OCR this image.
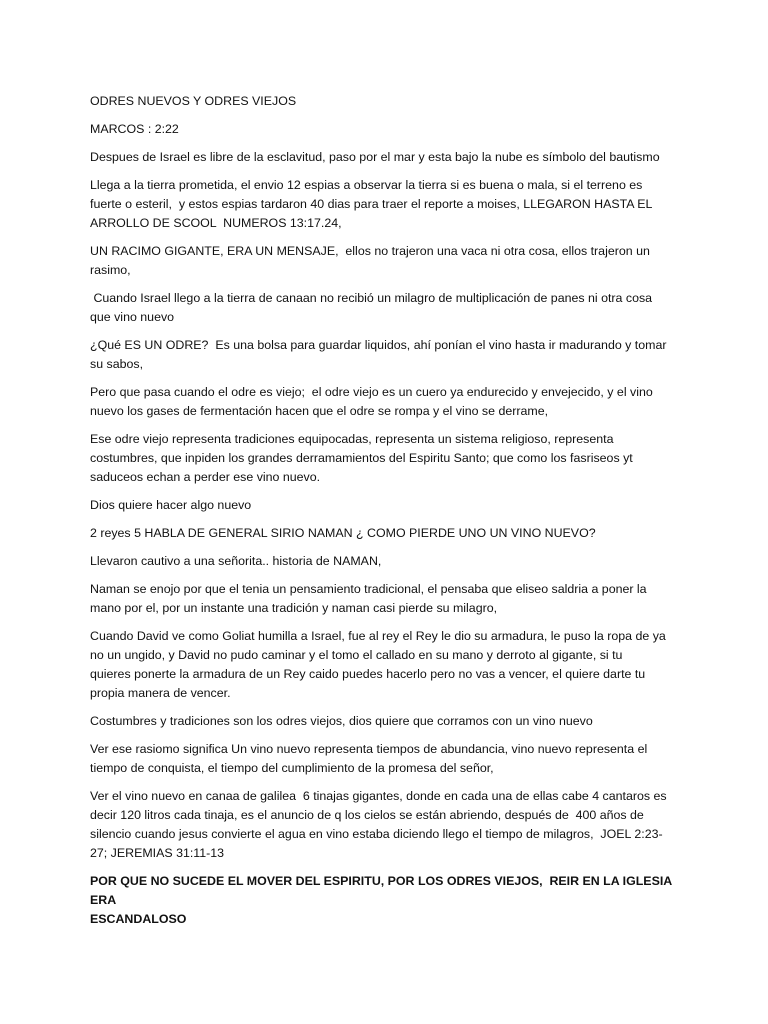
ODRES NUEVOS Y ODRES VIEJOS

MARCOS : 2:22

Despues de Israel es libre de la esclavitud, paso por el mar y esta bajo la nube es símbolo del bautismo

Llega a la tierra prometida, el envio 12 espias a observar la tierra si es buena o mala, si el terreno es
fuerte o esteril,  y estos espias tardaron 40 dias para traer el reporte a moises, LLEGARON HASTA EL
ARROLLO DE SCOOL  NUMEROS 13:17.24,

UN RACIMO GIGANTE, ERA UN MENSAJE,  ellos no trajeron una vaca ni otra cosa, ellos trajeron un
rasimo,

Cuando Israel llego a la tierra de canaan no recibió un milagro de multiplicación de panes ni otra cosa
que vino nuevo

¿Qué ES UN ODRE?  Es una bolsa para guardar liquidos, ahí ponían el vino hasta ir madurando y tomar
su sabos,

Pero que pasa cuando el odre es viejo;  el odre viejo es un cuero ya endurecido y envejecido, y el vino
nuevo los gases de fermentación hacen que el odre se rompa y el vino se derrame,

Ese odre viejo representa tradiciones equipocadas, representa un sistema religioso, representa
costumbres, que inpiden los grandes derramamientos del Espiritu Santo; que como los fasriseos yt
saduceos echan a perder ese vino nuevo.

Dios quiere hacer algo nuevo

2 reyes 5 HABLA DE GENERAL SIRIO NAMAN ¿ COMO PIERDE UNO UN VINO NUEVO?

Llevaron cautivo a una señorita.. historia de NAMAN,

Naman se enojo por que el tenia un pensamiento tradicional, el pensaba que eliseo saldria a poner la
mano por el, por un instante una tradición y naman casi pierde su milagro,

Cuando David ve como Goliat humilla a Israel, fue al rey el Rey le dio su armadura, le puso la ropa de ya
no un ungido, y David no pudo caminar y el tomo el callado en su mano y derroto al gigante, si tu
quieres ponerte la armadura de un Rey caido puedes hacerlo pero no vas a vencer, el quiere darte tu
propia manera de vencer.

Costumbres y tradiciones son los odres viejos, dios quiere que corramos con un vino nuevo

Ver ese rasiomo significa Un vino nuevo representa tiempos de abundancia, vino nuevo representa el
tiempo de conquista, el tiempo del cumplimiento de la promesa del señor,

Ver el vino nuevo en canaa de galilea  6 tinajas gigantes, donde en cada una de ellas cabe 4 cantaros es
decir 120 litros cada tinaja, es el anuncio de q los cielos se están abriendo, después de  400 años de
silencio cuando jesus convierte el agua en vino estaba diciendo llego el tiempo de milagros,  JOEL 2:23-
27; JEREMIAS 31:11-13

POR QUE NO SUCEDE EL MOVER DEL ESPIRITU, POR LOS ODRES VIEJOS,  REIR EN LA IGLESIA ERA
ESCANDALOSO
